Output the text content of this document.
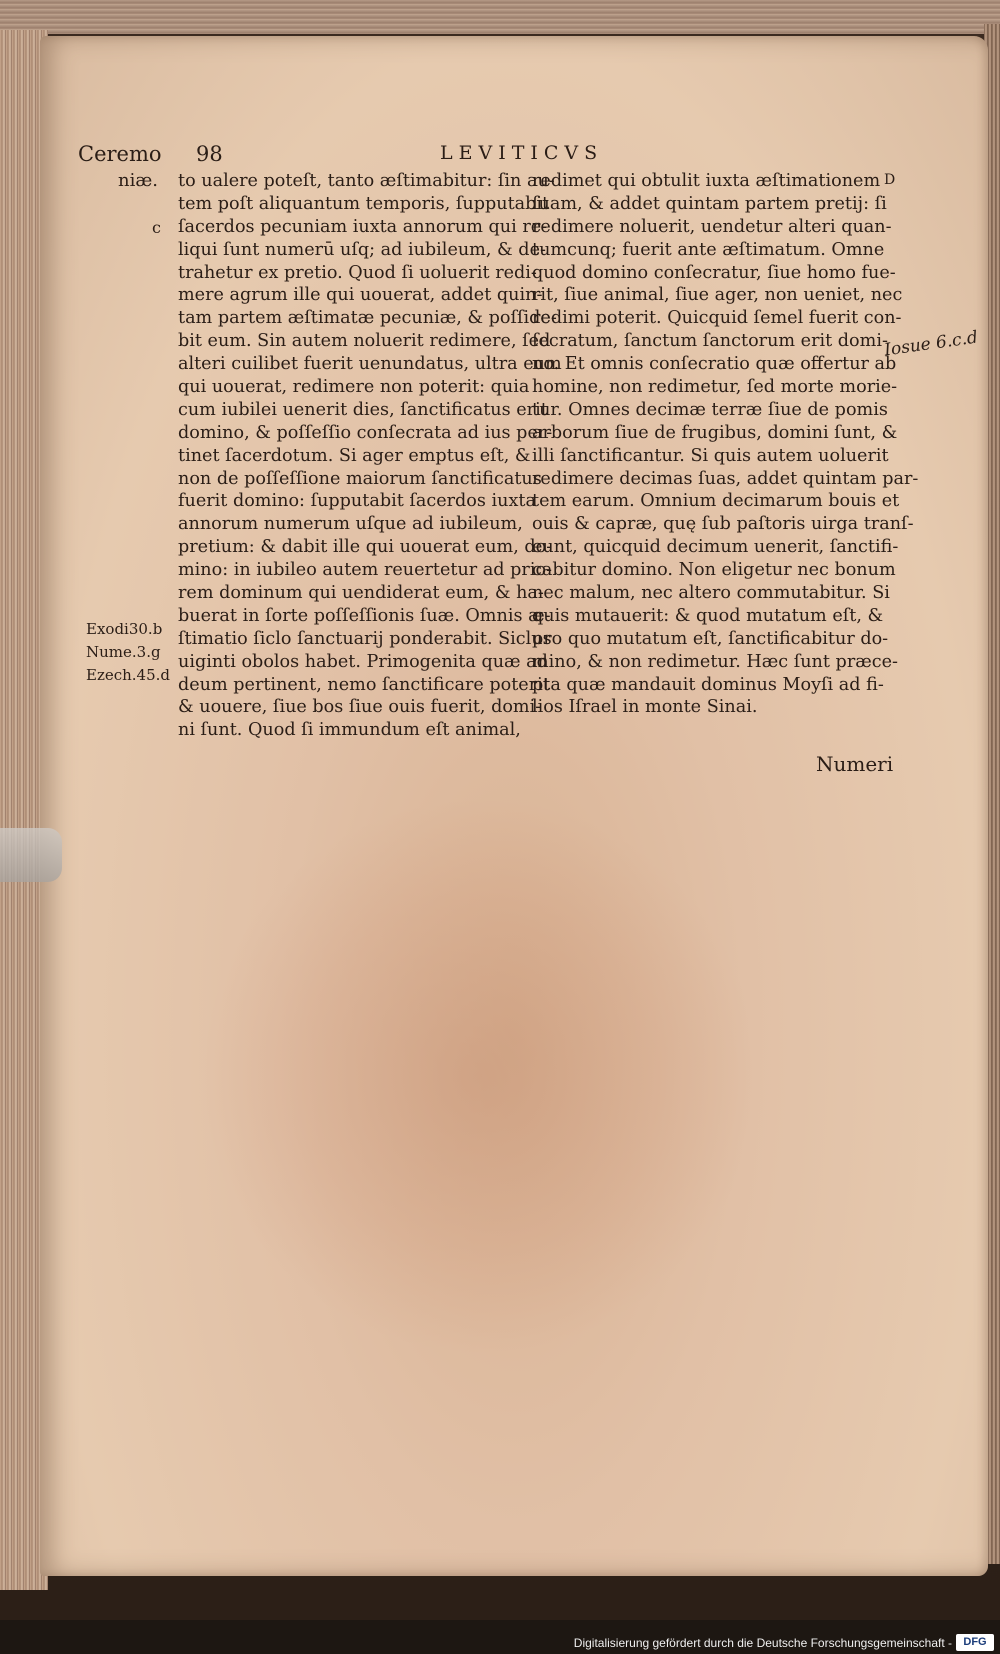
Ceremo 98	LEVITICVS
niæ.
c
Exodi30.b
Nume.3.g
Ezech.45.d
D
Iosue 6.c.d
to ualere poteſt, tanto æſtimabitur: ſin au-
tem poſt aliquantum temporis, ſupputabit
ſacerdos pecuniam iuxta annorum qui re-
liqui ſunt numerū uſq; ad iubileum, & de-
trahetur ex pretio. Quod ſi uoluerit redi-
mere agrum ille qui uouerat, addet quin-
tam partem æſtimatæ pecuniæ, & poſſide-
bit eum. Sin autem noluerit redimere, ſed
alteri cuilibet fuerit uenundatus, ultra eum
qui uouerat, redimere non poterit: quia
cum iubilei uenerit dies, ſanctificatus erit
domino, & poſſeſſio conſecrata ad ius per-
tinet ſacerdotum. Si ager emptus eſt, &
non de poſſeſſione maiorum ſanctificatus
fuerit domino: ſupputabit ſacerdos iuxta
annorum numerum uſque ad iubileum,
pretium: & dabit ille qui uouerat eum, do-
mino: in iubileo autem reuertetur ad prio-
rem dominum qui uendiderat eum, & ha-
buerat in ſorte poſſeſſionis ſuæ. Omnis æ-
ſtimatio ſiclo ſanctuarij ponderabit. Siclus
uiginti obolos habet. Primogenita quæ ad
deum pertinent, nemo ſanctificare poterit
& uouere, ſiue bos ſiue ouis fuerit, domi-
ni ſunt. Quod ſi immundum eſt animal,
redimet qui obtulit iuxta æſtimationem
ſuam, & addet quintam partem pretij: ſi
redimere noluerit, uendetur alteri quan-
tumcunq; fuerit ante æſtimatum. Omne
quod domino conſecratur, ſiue homo fue-
rit, ſiue animal, ſiue ager, non ueniet, nec
redimi poterit. Quicquid ſemel fuerit con-
ſecratum, ſanctum ſanctorum erit domi-
no. Et omnis conſecratio quæ offertur ab
homine, non redimetur, ſed morte morie-
tur. Omnes decimæ terræ ſiue de pomis
arborum ſiue de frugibus, domini ſunt, &
illi ſanctificantur. Si quis autem uoluerit
redimere decimas ſuas, addet quintam par-
tem earum. Omnium decimarum bouis et
ouis & capræ, quę ſub paſtoris uirga tranſ-
eunt, quicquid decimum uenerit, ſanctifi-
cabitur domino. Non eligetur nec bonum
nec malum, nec altero commutabitur. Si
quis mutauerit: & quod mutatum eſt, &
pro quo mutatum eſt, ſanctificabitur do-
mino, & non redimetur. Hæc ſunt præce-
pta quæ mandauit dominus Moyſi ad fi-
lios Iſrael in monte Sinai.
Numeri
Digitalisierung gefördert durch die Deutsche Forschungsgemeinschaft -	DFG
